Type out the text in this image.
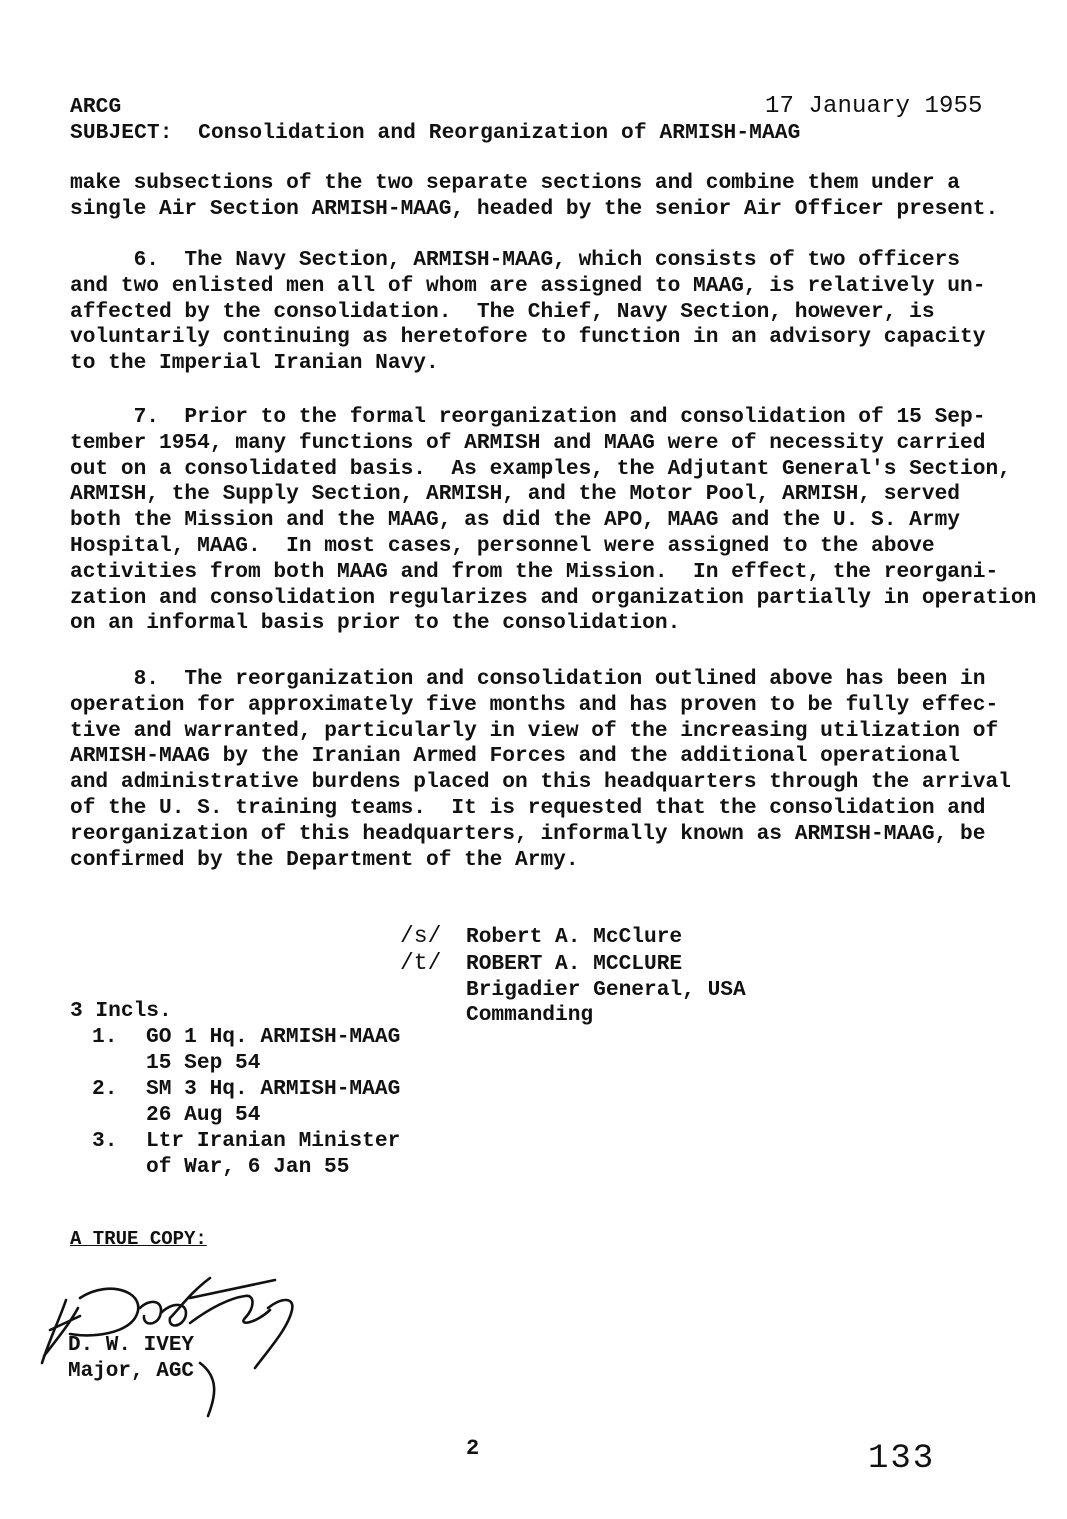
ARCG	17 January 1955
SUBJECT:  Consolidation and Reorganization of ARMISH-MAAG
make subsections of the two separate sections and combine them under a
single Air Section ARMISH-MAAG, headed by the senior Air Officer present.
6.  The Navy Section, ARMISH-MAAG, which consists of two officers
and two enlisted men all of whom are assigned to MAAG, is relatively un-
affected by the consolidation.  The Chief, Navy Section, however, is
voluntarily continuing as heretofore to function in an advisory capacity
to the Imperial Iranian Navy.
7.  Prior to the formal reorganization and consolidation of 15 Sep-
tember 1954, many functions of ARMISH and MAAG were of necessity carried
out on a consolidated basis.  As examples, the Adjutant General's Section,
ARMISH, the Supply Section, ARMISH, and the Motor Pool, ARMISH, served
both the Mission and the MAAG, as did the APO, MAAG and the U. S. Army
Hospital, MAAG.  In most cases, personnel were assigned to the above
activities from both MAAG and from the Mission.  In effect, the reorgani-
zation and consolidation regularizes and organization partially in operation
on an informal basis prior to the consolidation.
8.  The reorganization and consolidation outlined above has been in
operation for approximately five months and has proven to be fully effec-
tive and warranted, particularly in view of the increasing utilization of
ARMISH-MAAG by the Iranian Armed Forces and the additional operational
and administrative burdens placed on this headquarters through the arrival
of the U. S. training teams.  It is requested that the consolidation and
reorganization of this headquarters, informally known as ARMISH-MAAG, be
confirmed by the Department of the Army.
/s/ Robert A. McClure
/t/ ROBERT A. MCCLURE
Brigadier General, USA
Commanding
3 Incls.
1. GO 1 Hq. ARMISH-MAAG
15 Sep 54
2. SM 3 Hq. ARMISH-MAAG
26 Aug 54
3. Ltr Iranian Minister
of War, 6 Jan 55
A TRUE COPY:
D. W. IVEY
Major, AGC
2	133
